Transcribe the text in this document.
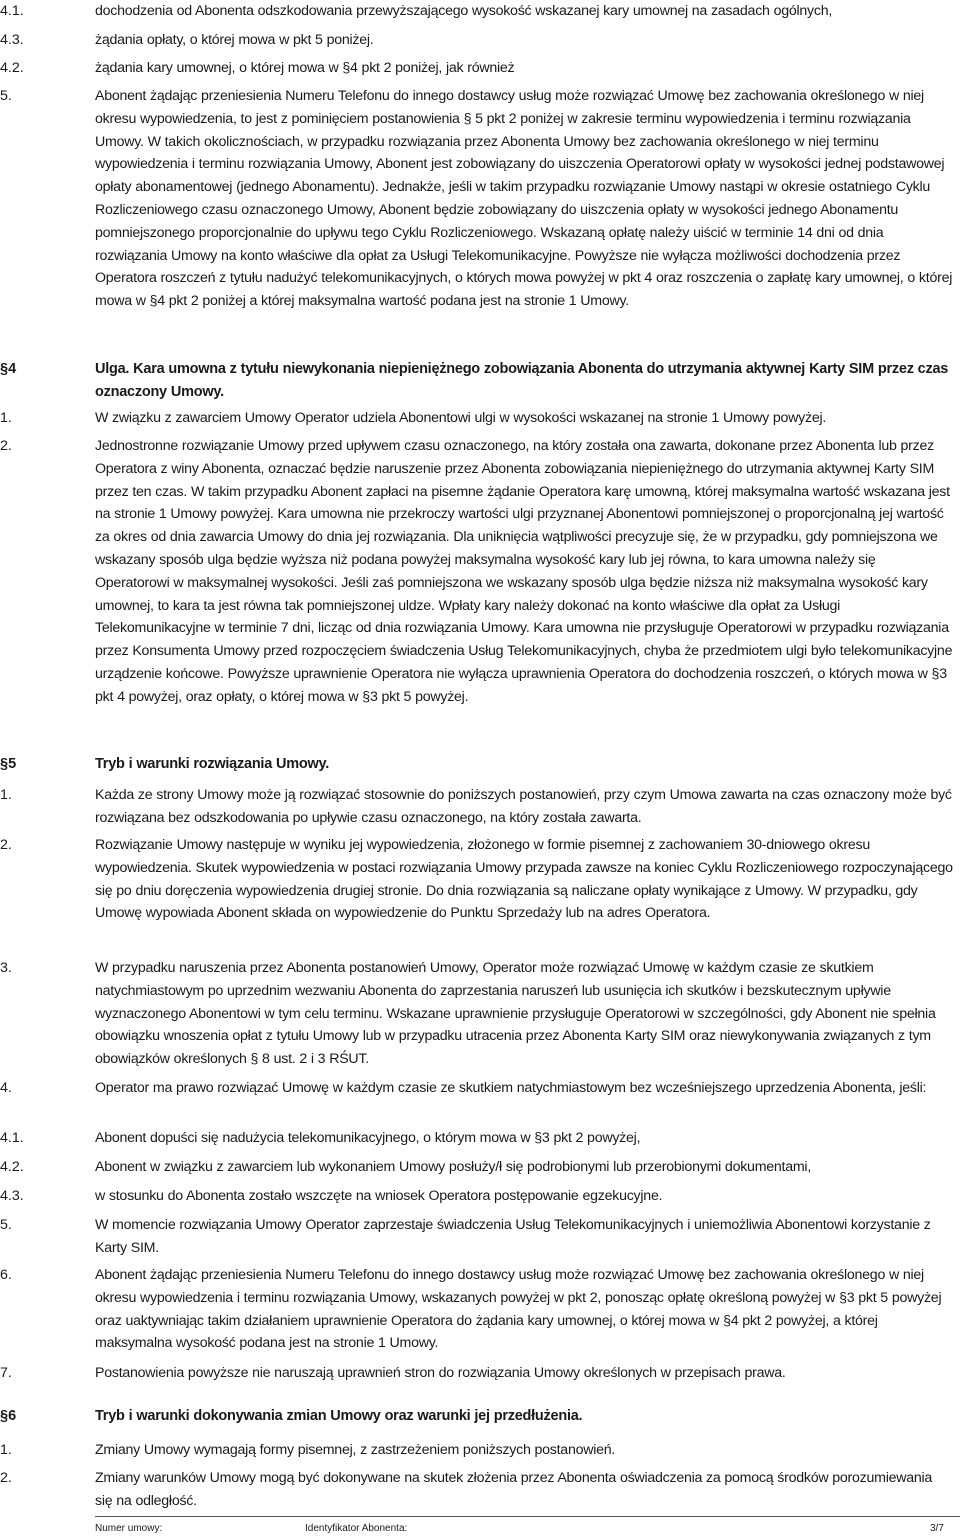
4.1.	dochodzenia od Abonenta odszkodowania przewyższającego wysokość wskazanej kary umownej na zasadach ogólnych,
4.3.	żądania opłaty, o której mowa w pkt 5 poniżej.
4.2.	żądania kary umownej, o której mowa w §4 pkt 2 poniżej, jak również
5.	Abonent żądając przeniesienia Numeru Telefonu do innego dostawcy usług może rozwiązać Umowę bez zachowania określonego w niej okresu wypowiedzenia, to jest z pominięciem postanowienia § 5 pkt 2 poniżej w zakresie terminu wypowiedzenia i terminu rozwiązania Umowy. W takich okolicznościach, w przypadku rozwiązania przez Abonenta Umowy bez zachowania określonego w niej terminu wypowiedzenia i terminu rozwiązania Umowy, Abonent jest zobowiązany do uiszczenia Operatorowi opłaty w wysokości jednej podstawowej opłaty abonamentowej (jednego Abonamentu). Jednakże, jeśli w takim przypadku rozwiązanie Umowy nastąpi w okresie ostatniego Cyklu Rozliczeniowego czasu oznaczonego Umowy, Abonent będzie zobowiązany do uiszczenia opłaty w wysokości jednego Abonamentu pomniejszonego proporcjonalnie do upływu tego Cyklu Rozliczeniowego. Wskazaną opłatę należy uiścić w terminie 14 dni od dnia rozwiązania Umowy na konto właściwe dla opłat za Usługi Telekomunikacyjne. Powyższe nie wyłącza możliwości dochodzenia przez Operatora roszczeń z tytułu nadużyć telekomunikacyjnych, o których mowa powyżej w pkt 4 oraz roszczenia o zapłatę kary umownej, o której mowa w §4 pkt 2 poniżej a której maksymalna wartość podana jest na stronie 1 Umowy.
§4	Ulga. Kara umowna z tytułu niewykonania niepieniężnego zobowiązania Abonenta do utrzymania aktywnej Karty SIM przez czas oznaczony Umowy.
1.	W związku z zawarciem Umowy Operator udziela Abonentowi ulgi w wysokości wskazanej na stronie 1 Umowy powyżej.
2.	Jednostronne rozwiązanie Umowy przed upływem czasu oznaczonego, na który została ona zawarta, dokonane przez Abonenta lub przez Operatora z winy Abonenta, oznaczać będzie naruszenie przez Abonenta zobowiązania niepieniężnego do utrzymania aktywnej Karty SIM przez ten czas. W takim przypadku Abonent zapłaci na pisemne żądanie Operatora karę umowną, której maksymalna wartość wskazana jest na stronie 1 Umowy powyżej. Kara umowna nie przekroczy wartości ulgi przyznanej Abonentowi pomniejszonej o proporcjonalną jej wartość za okres od dnia zawarcia Umowy do dnia jej rozwiązania. Dla uniknięcia wątpliwości precyzuje się, że w przypadku, gdy pomniejszona we wskazany sposób ulga będzie wyższa niż podana powyżej maksymalna wysokość kary lub jej równa, to kara umowna należy się Operatorowi w maksymalnej wysokości. Jeśli zaś pomniejszona we wskazany sposób ulga będzie niższa niż maksymalna wysokość kary umownej, to kara ta jest równa tak pomniejszonej uldze. Wpłaty kary należy dokonać na konto właściwe dla opłat za Usługi Telekomunikacyjne w terminie 7 dni, licząc od dnia rozwiązania Umowy. Kara umowna nie przysługuje Operatorowi w przypadku rozwiązania przez Konsumenta Umowy przed rozpoczęciem świadczenia Usług Telekomunikacyjnych, chyba że przedmiotem ulgi było telekomunikacyjne urządzenie końcowe. Powyższe uprawnienie Operatora nie wyłącza uprawnienia Operatora do dochodzenia roszczeń, o których mowa w §3 pkt 4 powyżej, oraz opłaty, o której mowa w §3 pkt 5 powyżej.
§5	Tryb i warunki rozwiązania Umowy.
1.	Każda ze strony Umowy może ją rozwiązać stosownie do poniższych postanowień, przy czym Umowa zawarta na czas oznaczony może być rozwiązana bez odszkodowania po upływie czasu oznaczonego, na który została zawarta.
2.	Rozwiązanie Umowy następuje w wyniku jej wypowiedzenia, złożonego w formie pisemnej z zachowaniem 30-dniowego okresu wypowiedzenia. Skutek wypowiedzenia w postaci rozwiązania Umowy przypada zawsze na koniec Cyklu Rozliczeniowego rozpoczynającego się po dniu doręczenia wypowiedzenia drugiej stronie. Do dnia rozwiązania są naliczane opłaty wynikające z Umowy. W przypadku, gdy Umowę wypowiada Abonent składa on wypowiedzenie do Punktu Sprzedaży lub na adres Operatora.
3.	W przypadku naruszenia przez Abonenta postanowień Umowy, Operator może rozwiązać Umowę w każdym czasie ze skutkiem natychmiastowym po uprzednim wezwaniu Abonenta do zaprzestania naruszeń lub usunięcia ich skutków i bezskutecznym upływie wyznaczonego Abonentowi w tym celu terminu. Wskazane uprawnienie przysługuje Operatorowi w szczególności, gdy Abonent nie spełnia obowiązku wnoszenia opłat z tytułu Umowy lub w przypadku utracenia przez Abonenta Karty SIM oraz niewykonywania związanych z tym obowiązków określonych § 8 ust. 2 i 3 RŚUT.
4.	Operator ma prawo rozwiązać Umowę w każdym czasie ze skutkiem natychmiastowym bez wcześniejszego uprzedzenia Abonenta, jeśli:
4.1.	Abonent dopuści się nadużycia telekomunikacyjnego, o którym mowa w §3 pkt 2 powyżej,
4.2.	Abonent w związku z zawarciem lub wykonaniem Umowy posłuży/ł się podrobionymi lub przerobionymi dokumentami,
4.3.	w stosunku do Abonenta zostało wszczęte na wniosek Operatora postępowanie egzekucyjne.
5.	W momencie rozwiązania Umowy Operator zaprzestaje świadczenia Usług Telekomunikacyjnych i uniemożliwia Abonentowi korzystanie z Karty SIM.
6.	Abonent żądając przeniesienia Numeru Telefonu do innego dostawcy usług może rozwiązać Umowę bez zachowania określonego w niej okresu wypowiedzenia i terminu rozwiązania Umowy, wskazanych powyżej w pkt 2, ponosząc opłatę określoną powyżej w §3 pkt 5 powyżej oraz uaktywniając takim działaniem uprawnienie Operatora do żądania kary umownej, o której mowa w §4 pkt 2 powyżej, a której maksymalna wysokość podana jest na stronie 1 Umowy.
7.	Postanowienia powyższe nie naruszają uprawnień stron do rozwiązania Umowy określonych w przepisach prawa.
§6	Tryb i warunki dokonywania zmian Umowy oraz warunki jej przedłużenia.
1.	Zmiany Umowy wymagają formy pisemnej, z zastrzeżeniem poniższych postanowień.
2.	Zmiany warunków Umowy mogą być dokonywane na skutek złożenia przez Abonenta oświadczenia za pomocą środków porozumiewania się na odległość.
Numer umowy:	Identyfikator Abonenta:	3/7
